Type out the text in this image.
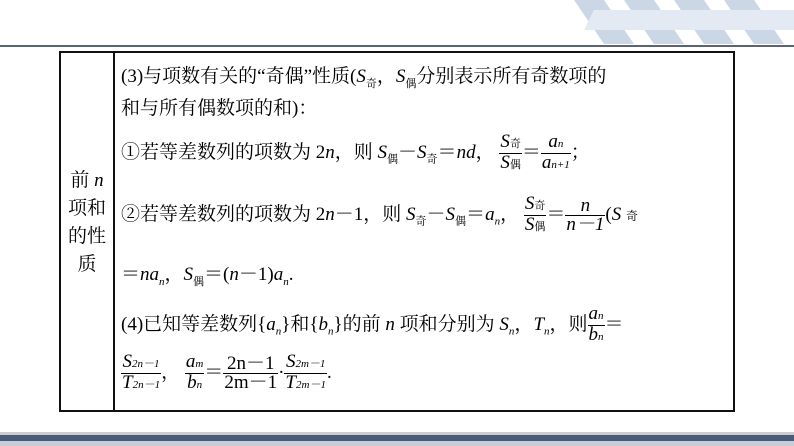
前 n
项和
的性
质
(3)与项数有关的“奇偶”性质($S_奇$，$S_偶$分别表示所有奇数项的
和与所有偶数项的和)：
①若等差数列的项数为 2n，则 $S_偶-S_奇=nd$， $\frac{\text{S奇}}{\text{S偶}} = \frac{an}{an+1}$ ；
②若等差数列的项数为 2n－1，则 $S_奇-S_偶=a_n$， $\frac{\text{S奇}}{\text{S偶}} = \frac{n}{n-1} (S$ 奇
$=na_n$，$S_偶=(n-1)a_n$.
(4)已知等差数列$\{a_n\}$和$\{b_n\}$的前 n 项和分别为 $S_n$，$T_n$，则 $\frac{an}{bn}$ ＝
$\frac{S2n-1}{T2n-1}$ ， $\frac{am}{bn} = \frac{2n-1}{2m-1} \cdot \frac{S2m-1}{T2m-1}$ .
